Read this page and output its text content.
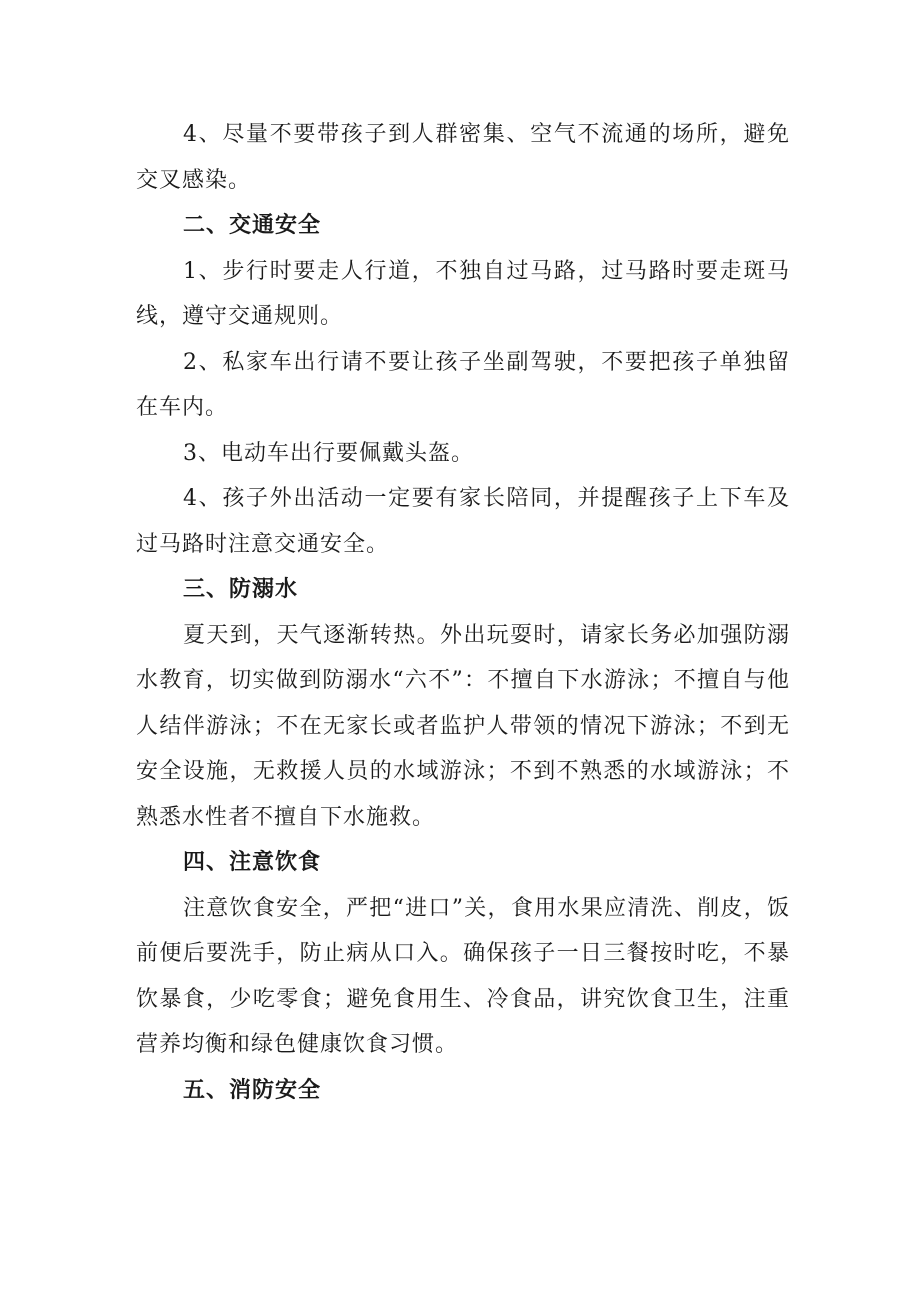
4、尽量不要带孩子到人群密集、空气不流通的场所，避免交叉感染。

二、交通安全

1、步行时要走人行道，不独自过马路，过马路时要走斑马线，遵守交通规则。

2、私家车出行请不要让孩子坐副驾驶，不要把孩子单独留在车内。

3、电动车出行要佩戴头盔。

4、孩子外出活动一定要有家长陪同，并提醒孩子上下车及过马路时注意交通安全。

三、防溺水

夏天到，天气逐渐转热。外出玩耍时，请家长务必加强防溺水教育，切实做到防溺水“六不”：不擅自下水游泳；不擅自与他人结伴游泳；不在无家长或者监护人带领的情况下游泳；不到无安全设施，无救援人员的水域游泳；不到不熟悉的水域游泳；不熟悉水性者不擅自下水施救。

四、注意饮食

注意饮食安全，严把“进口”关，食用水果应清洗、削皮，饭前便后要洗手，防止病从口入。确保孩子一日三餐按时吃，不暴饮暴食，少吃零食；避免食用生、冷食品，讲究饮食卫生，注重营养均衡和绿色健康饮食习惯。

五、消防安全
